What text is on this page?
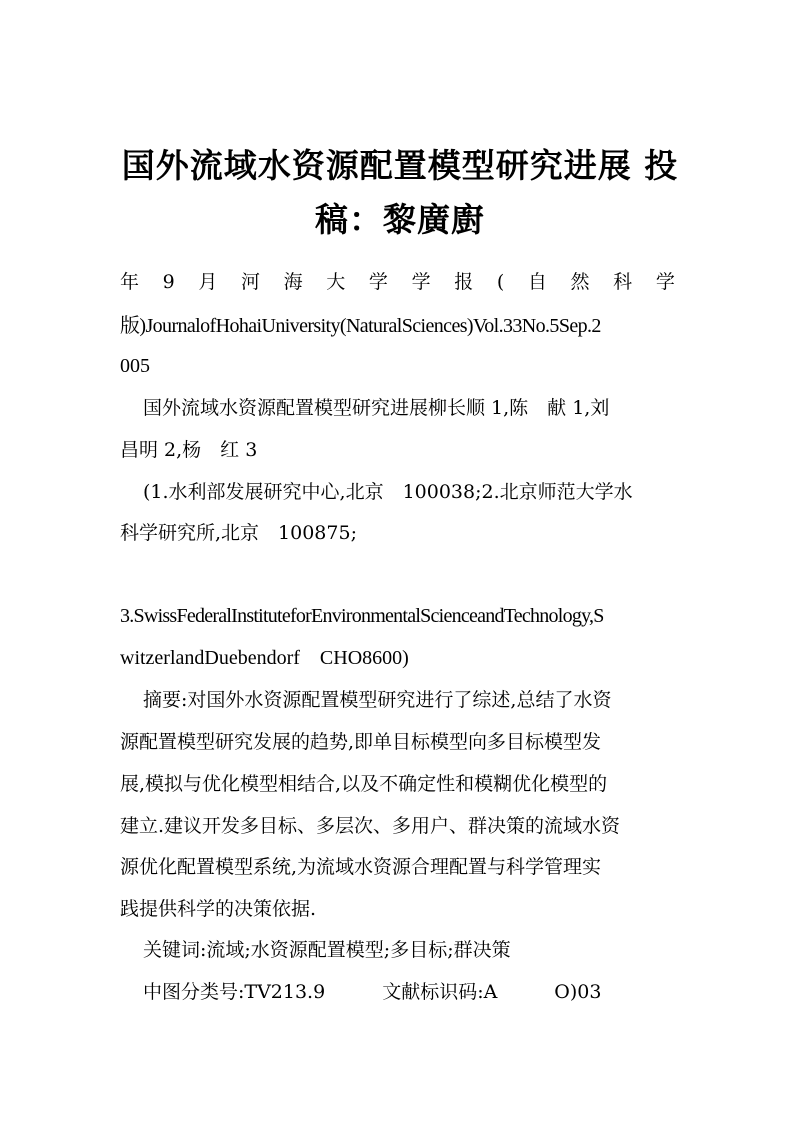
国外流域水资源配置模型研究进展 投
稿：黎廣廚
年 9 月 河 海 大 学 学 报 ( 自 然 科 学
版)JournalofHohaiUniversity(NaturalSciences)Vol.33No.5Sep.2
005
国外流域水资源配置模型研究进展柳长顺 1,陈　献 1,刘
昌明 2,杨　红 3
(1.水利部发展研究中心,北京　100038;2.北京师范大学水
科学研究所,北京　100875;
3.SwissFederalInstituteforEnvironmentalScienceandTechnology,S
witzerlandDuebendorf　CHO8600)
摘要:对国外水资源配置模型研究进行了综述,总结了水资
源配置模型研究发展的趋势,即单目标模型向多目标模型发
展,模拟与优化模型相结合,以及不确定性和模糊优化模型的
建立.建议开发多目标、多层次、多用户、群决策的流域水资
源优化配置模型系统,为流域水资源合理配置与科学管理实
践提供科学的决策依据.
关键词:流域;水资源配置模型;多目标;群决策
中图分类号:TV213.9　　　文献标识码:A　　　O)03
